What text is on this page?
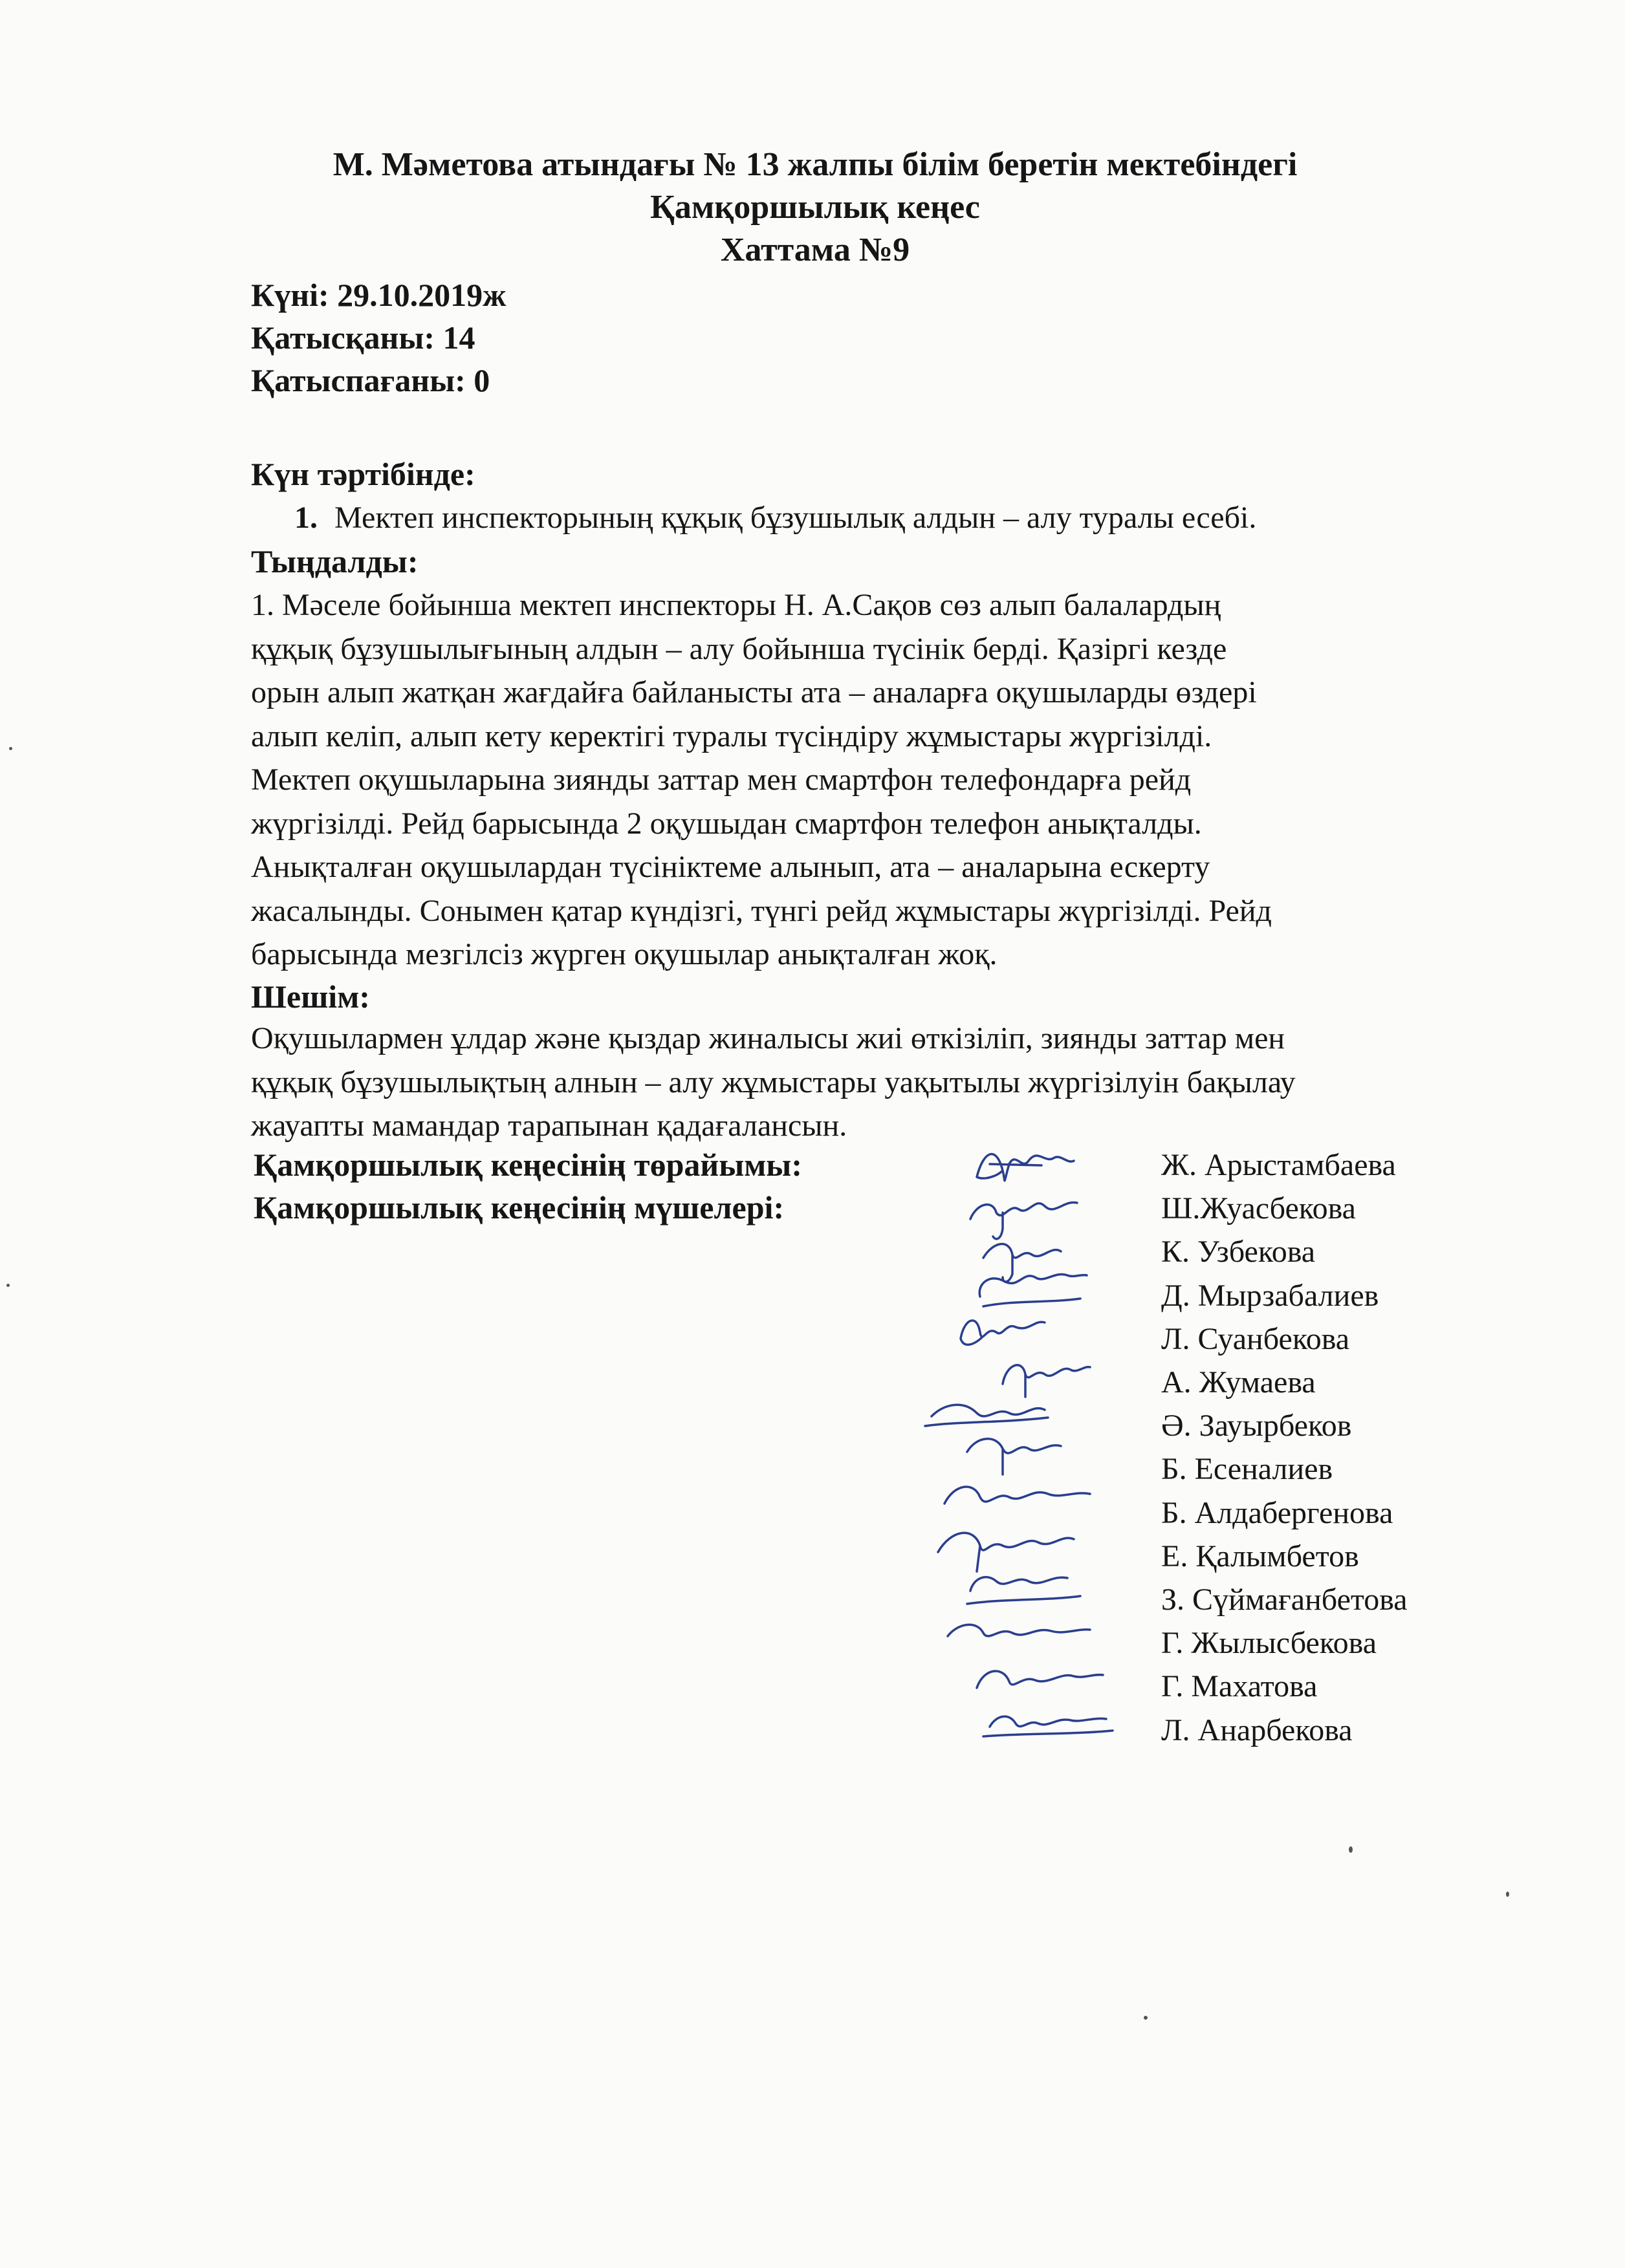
М. Мәметова атындағы № 13 жалпы білім беретін мектебіндегі
Қамқоршылық кеңес
Хаттама №9
Күні: 29.10.2019ж
Қатысқаны: 14
Қатыспағаны: 0
Күн тәртібінде:
1. Мектеп инспекторының құқық бұзушылық алдын – алу туралы есебі.
Тыңдалды:
1. Мәселе бойынша мектеп инспекторы Н. А.Сақов сөз алып балалардың
құқық бұзушылығының алдын – алу бойынша түсінік берді. Қазіргі кезде
орын алып жатқан жағдайға байланысты ата – аналарға оқушыларды өздері
алып келіп, алып кету керектігі туралы түсіндіру жұмыстары жүргізілді.
Мектеп оқушыларына зиянды заттар мен смартфон телефондарға рейд
жүргізілді. Рейд барысында 2 оқушыдан смартфон телефон анықталды.
Анықталған оқушылардан түсініктеме алынып, ата – аналарына ескерту
жасалынды. Сонымен қатар күндізгі, түнгі рейд жұмыстары жүргізілді. Рейд
барысында мезгілсіз жүрген оқушылар анықталған жоқ.
Шешім:
Оқушылармен ұлдар және қыздар жиналысы жиі өткізіліп, зиянды заттар мен
құқық бұзушылықтың алнын – алу жұмыстары уақытылы жүргізілуін бақылау
жауапты мамандар тарапынан қадағалансын.
Қамқоршылық кеңесінің төрайымы:
Қамқоршылық кеңесінің мүшелері:
Ж. Арыстамбаева
Ш.Жуасбекова
К. Узбекова
Д. Мырзабалиев
Л. Суанбекова
А. Жумаева
Ә. Зауырбеков
Б. Есеналиев
Б. Алдабергенова
Е. Қалымбетов
З. Сүймағанбетова
Г. Жылысбекова
Г. Махатова
Л. Анарбекова
